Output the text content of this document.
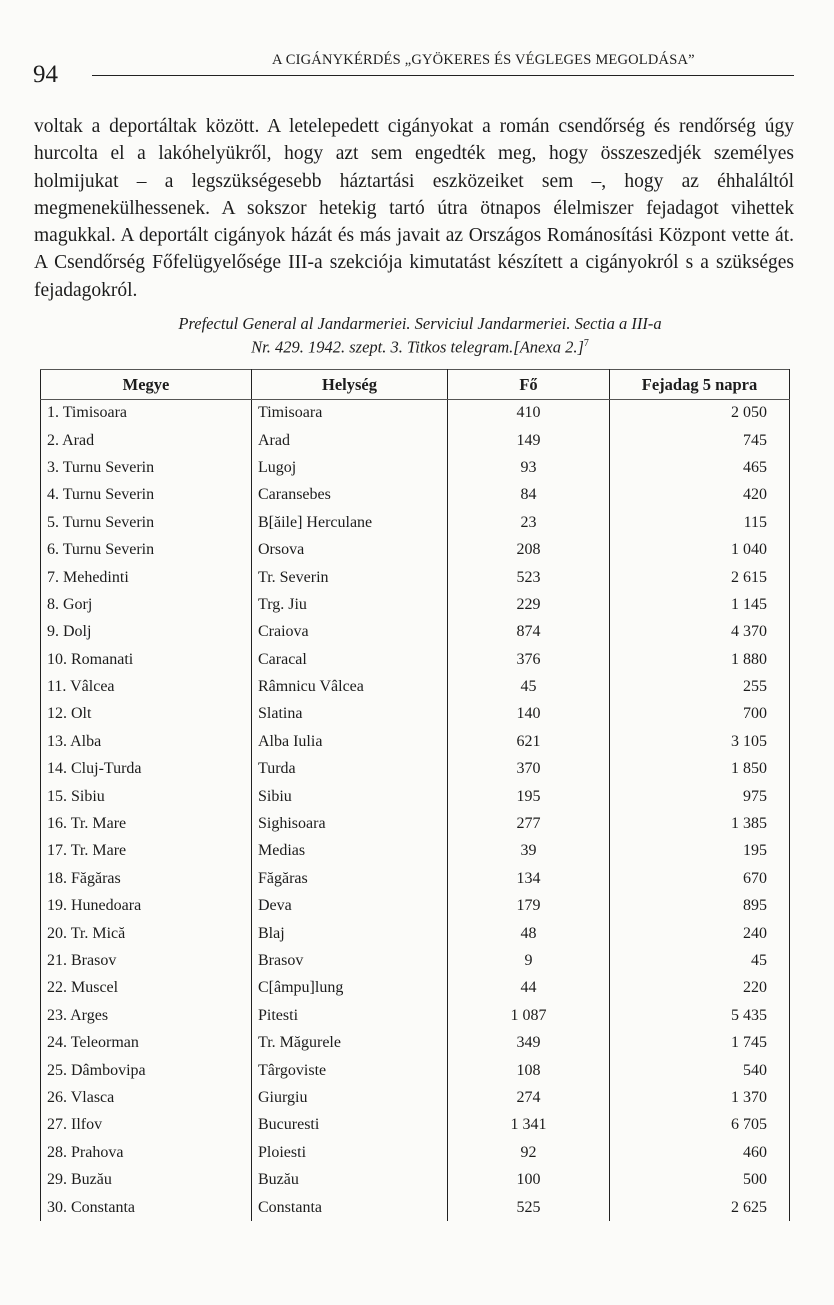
94
A CIGÁNYKÉRDÉS „GYÖKERES ÉS VÉGLEGES MEGOLDÁSA”

voltak a deportáltak között. A letelepedett cigányokat a román csendőrség és rendőrség úgy hurcolta el a lakóhelyükről, hogy azt sem engedték meg, hogy összeszedjék személyes holmijukat – a legszükségesebb háztartási eszközeiket sem –, hogy az éhhaláltól megmenekülhessenek. A sokszor hetekig tartó útra ötnapos élelmiszer fejadagot vihettek magukkal. A deportált cigányok házát és más javait az Országos Románosítási Központ vette át. A Csendőrség Főfelügyelősége III-a szekciója kimutatást készített a cigányokról s a szükséges fejadagokról.

Prefectul General al Jandarmeriei. Serviciul Jandarmeriei. Sectia a III-a
Nr. 429. 1942. szept. 3. Titkos telegram.[Anexa 2.]$^7$
Megye	Helység	Fő	Fejadag 5 napra
1. Timisoara	Timisoara	410	2 050
2. Arad	Arad	149	745
3. Turnu Severin	Lugoj	93	465
4. Turnu Severin	Caransebes	84	420
5. Turnu Severin	B[ăile] Herculane	23	115
6. Turnu Severin	Orsova	208	1 040
7. Mehedinti	Tr. Severin	523	2 615
8. Gorj	Trg. Jiu	229	1 145
9. Dolj	Craiova	874	4 370
10. Romanati	Caracal	376	1 880
11. Vâlcea	Râmnicu Vâlcea	45	255
12. Olt	Slatina	140	700
13. Alba	Alba Iulia	621	3 105
14. Cluj-Turda	Turda	370	1 850
15. Sibiu	Sibiu	195	975
16. Tr. Mare	Sighisoara	277	1 385
17. Tr. Mare	Medias	39	195
18. Făgăras	Făgăras	134	670
19. Hunedoara	Deva	179	895
20. Tr. Mică	Blaj	48	240
21. Brasov	Brasov	9	45
22. Muscel	C[âmpu]lung	44	220
23. Arges	Pitesti	1 087	5 435
24. Teleorman	Tr. Măgurele	349	1 745
25. Dâmbovipa	Târgoviste	108	540
26. Vlasca	Giurgiu	274	1 370
27. Ilfov	Bucuresti	1 341	6 705
28. Prahova	Ploiesti	92	460
29. Buzău	Buzău	100	500
30. Constanta	Constanta	525	2 625
